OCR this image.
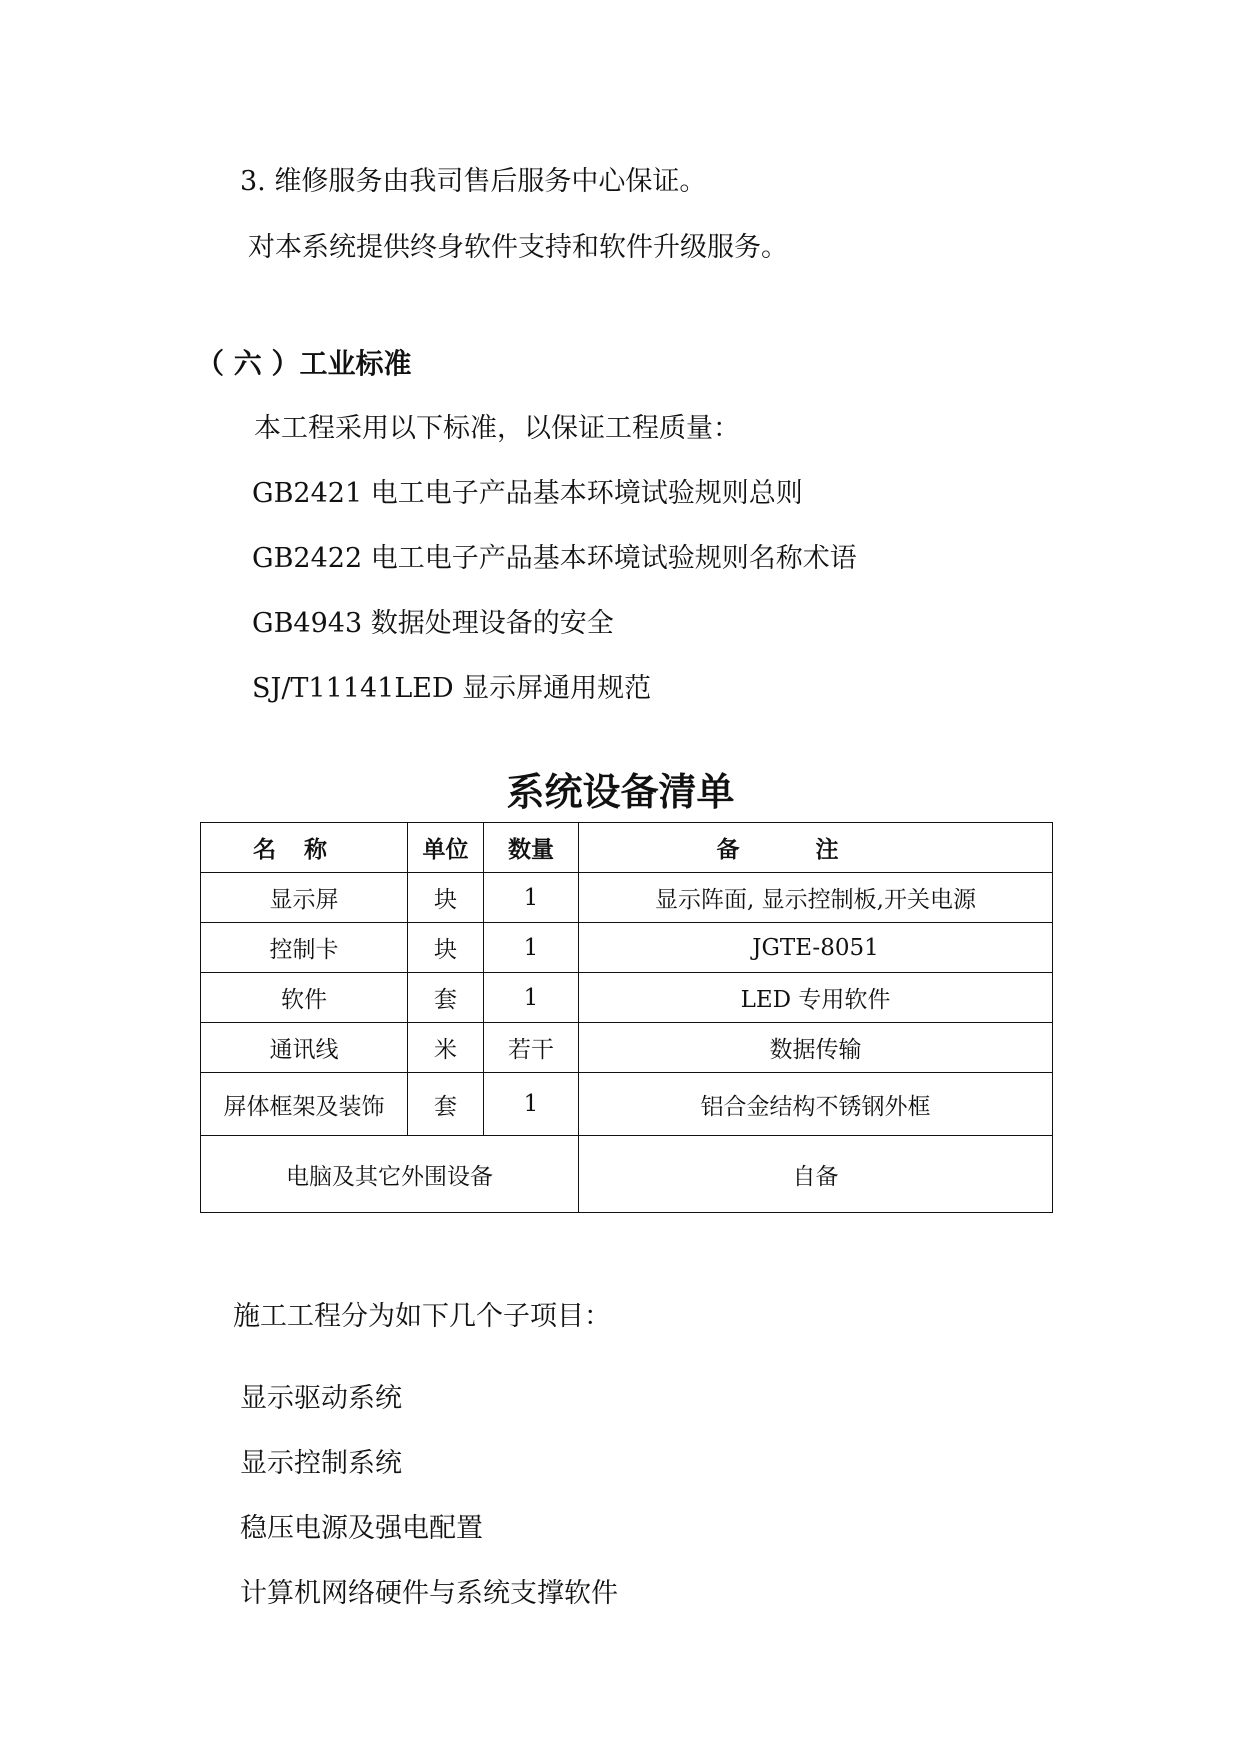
3. 维修服务由我司售后服务中心保证。
对本系统提供终身软件支持和软件升级服务。
（ 六 ）工业标准
本工程采用以下标准，以保证工程质量：
GB2421 电工电子产品基本环境试验规则总则
GB2422 电工电子产品基本环境试验规则名称术语
GB4943 数据处理设备的安全
SJ/T11141LED 显示屏通用规范
系统设备清单
名称	单位	数量	备注
显示屏	块	1	显示阵面, 显示控制板,开关电源
控制卡	块	1	JGTE-8051
软件	套	1	LED 专用软件
通讯线	米	若干	数据传输
屏体框架及装饰	套	1	铝合金结构不锈钢外框
电脑及其它外围设备			自备
施工工程分为如下几个子项目：
显示驱动系统
显示控制系统
稳压电源及强电配置
计算机网络硬件与系统支撑软件
